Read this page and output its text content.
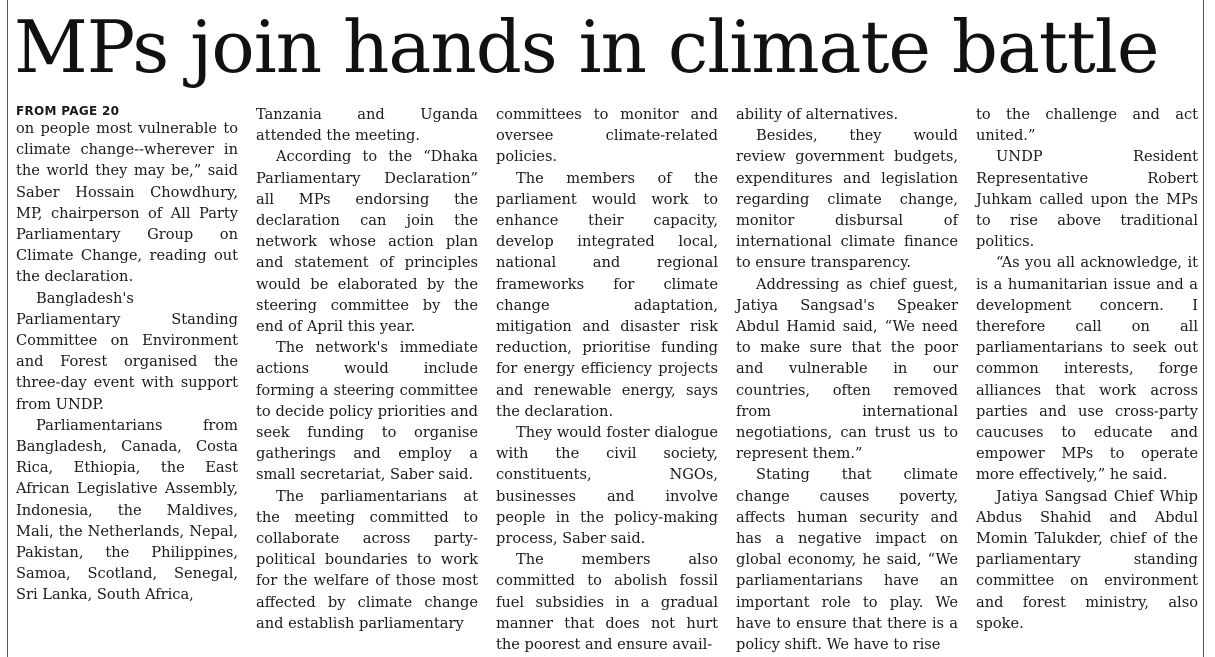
MPs join hands in climate battle
FROM PAGE 20

on people most vulnerable to climate change--wherever in the world they may be,” said Saber Hossain Chowdhury, MP, chairperson of All Party Parliamentary Group on Climate Change, reading out the declaration.

Bangladesh's Parliamentary Standing Committee on Environment and Forest organised the three-day event with support from UNDP.

Parliamentarians from Bangladesh, Canada, Costa Rica, Ethiopia, the East African Legislative Assembly, Indonesia, the Maldives, Mali, the Netherlands, Nepal, Pakistan, the Philippines, Samoa, Scotland, Senegal, Sri Lanka, South Africa,

Tanzania and Uganda attended the meeting.

According to the “Dhaka Parliamentary Declaration” all MPs endorsing the declaration can join the network whose action plan and statement of principles would be elaborated by the steering committee by the end of April this year.

The network's immediate actions would include forming a steering committee to decide policy priorities and seek funding to organise gatherings and employ a small secretariat, Saber said.

The parliamentarians at the meeting committed to collaborate across party-political boundaries to work for the welfare of those most affected by climate change and establish parliamentary

committees to monitor and oversee climate-related policies.

The members of the parliament would work to enhance their capacity, develop integrated local, national and regional frameworks for climate change adaptation, mitigation and disaster risk reduction, prioritise funding for energy efficiency projects and renewable energy, says the declaration.

They would foster dialogue with the civil society, constituents, NGOs, businesses and involve people in the policy-making process, Saber said.

The members also committed to abolish fossil fuel subsidies in a gradual manner that does not hurt the poorest and ensure avail-

ability of alternatives.

Besides, they would review government budgets, expenditures and legislation regarding climate change, monitor disbursal of international climate finance to ensure transparency.

Addressing as chief guest, Jatiya Sangsad's Speaker Abdul Hamid said, “We need to make sure that the poor and vulnerable in our countries, often removed from international negotiations, can trust us to represent them.”

Stating that climate change causes poverty, affects human security and has a negative impact on global economy, he said, “We parliamentarians have an important role to play. We have to ensure that there is a policy shift. We have to rise

to the challenge and act united.”

UNDP Resident Representative Robert Juhkam called upon the MPs to rise above traditional politics.

“As you all acknowledge, it is a humanitarian issue and a development concern. I therefore call on all parliamentarians to seek out common interests, forge alliances that work across parties and use cross-party caucuses to educate and empower MPs to operate more effectively,” he said.

Jatiya Sangsad Chief Whip Abdus Shahid and Abdul Momin Talukder, chief of the parliamentary standing committee on environment and forest ministry, also spoke.
